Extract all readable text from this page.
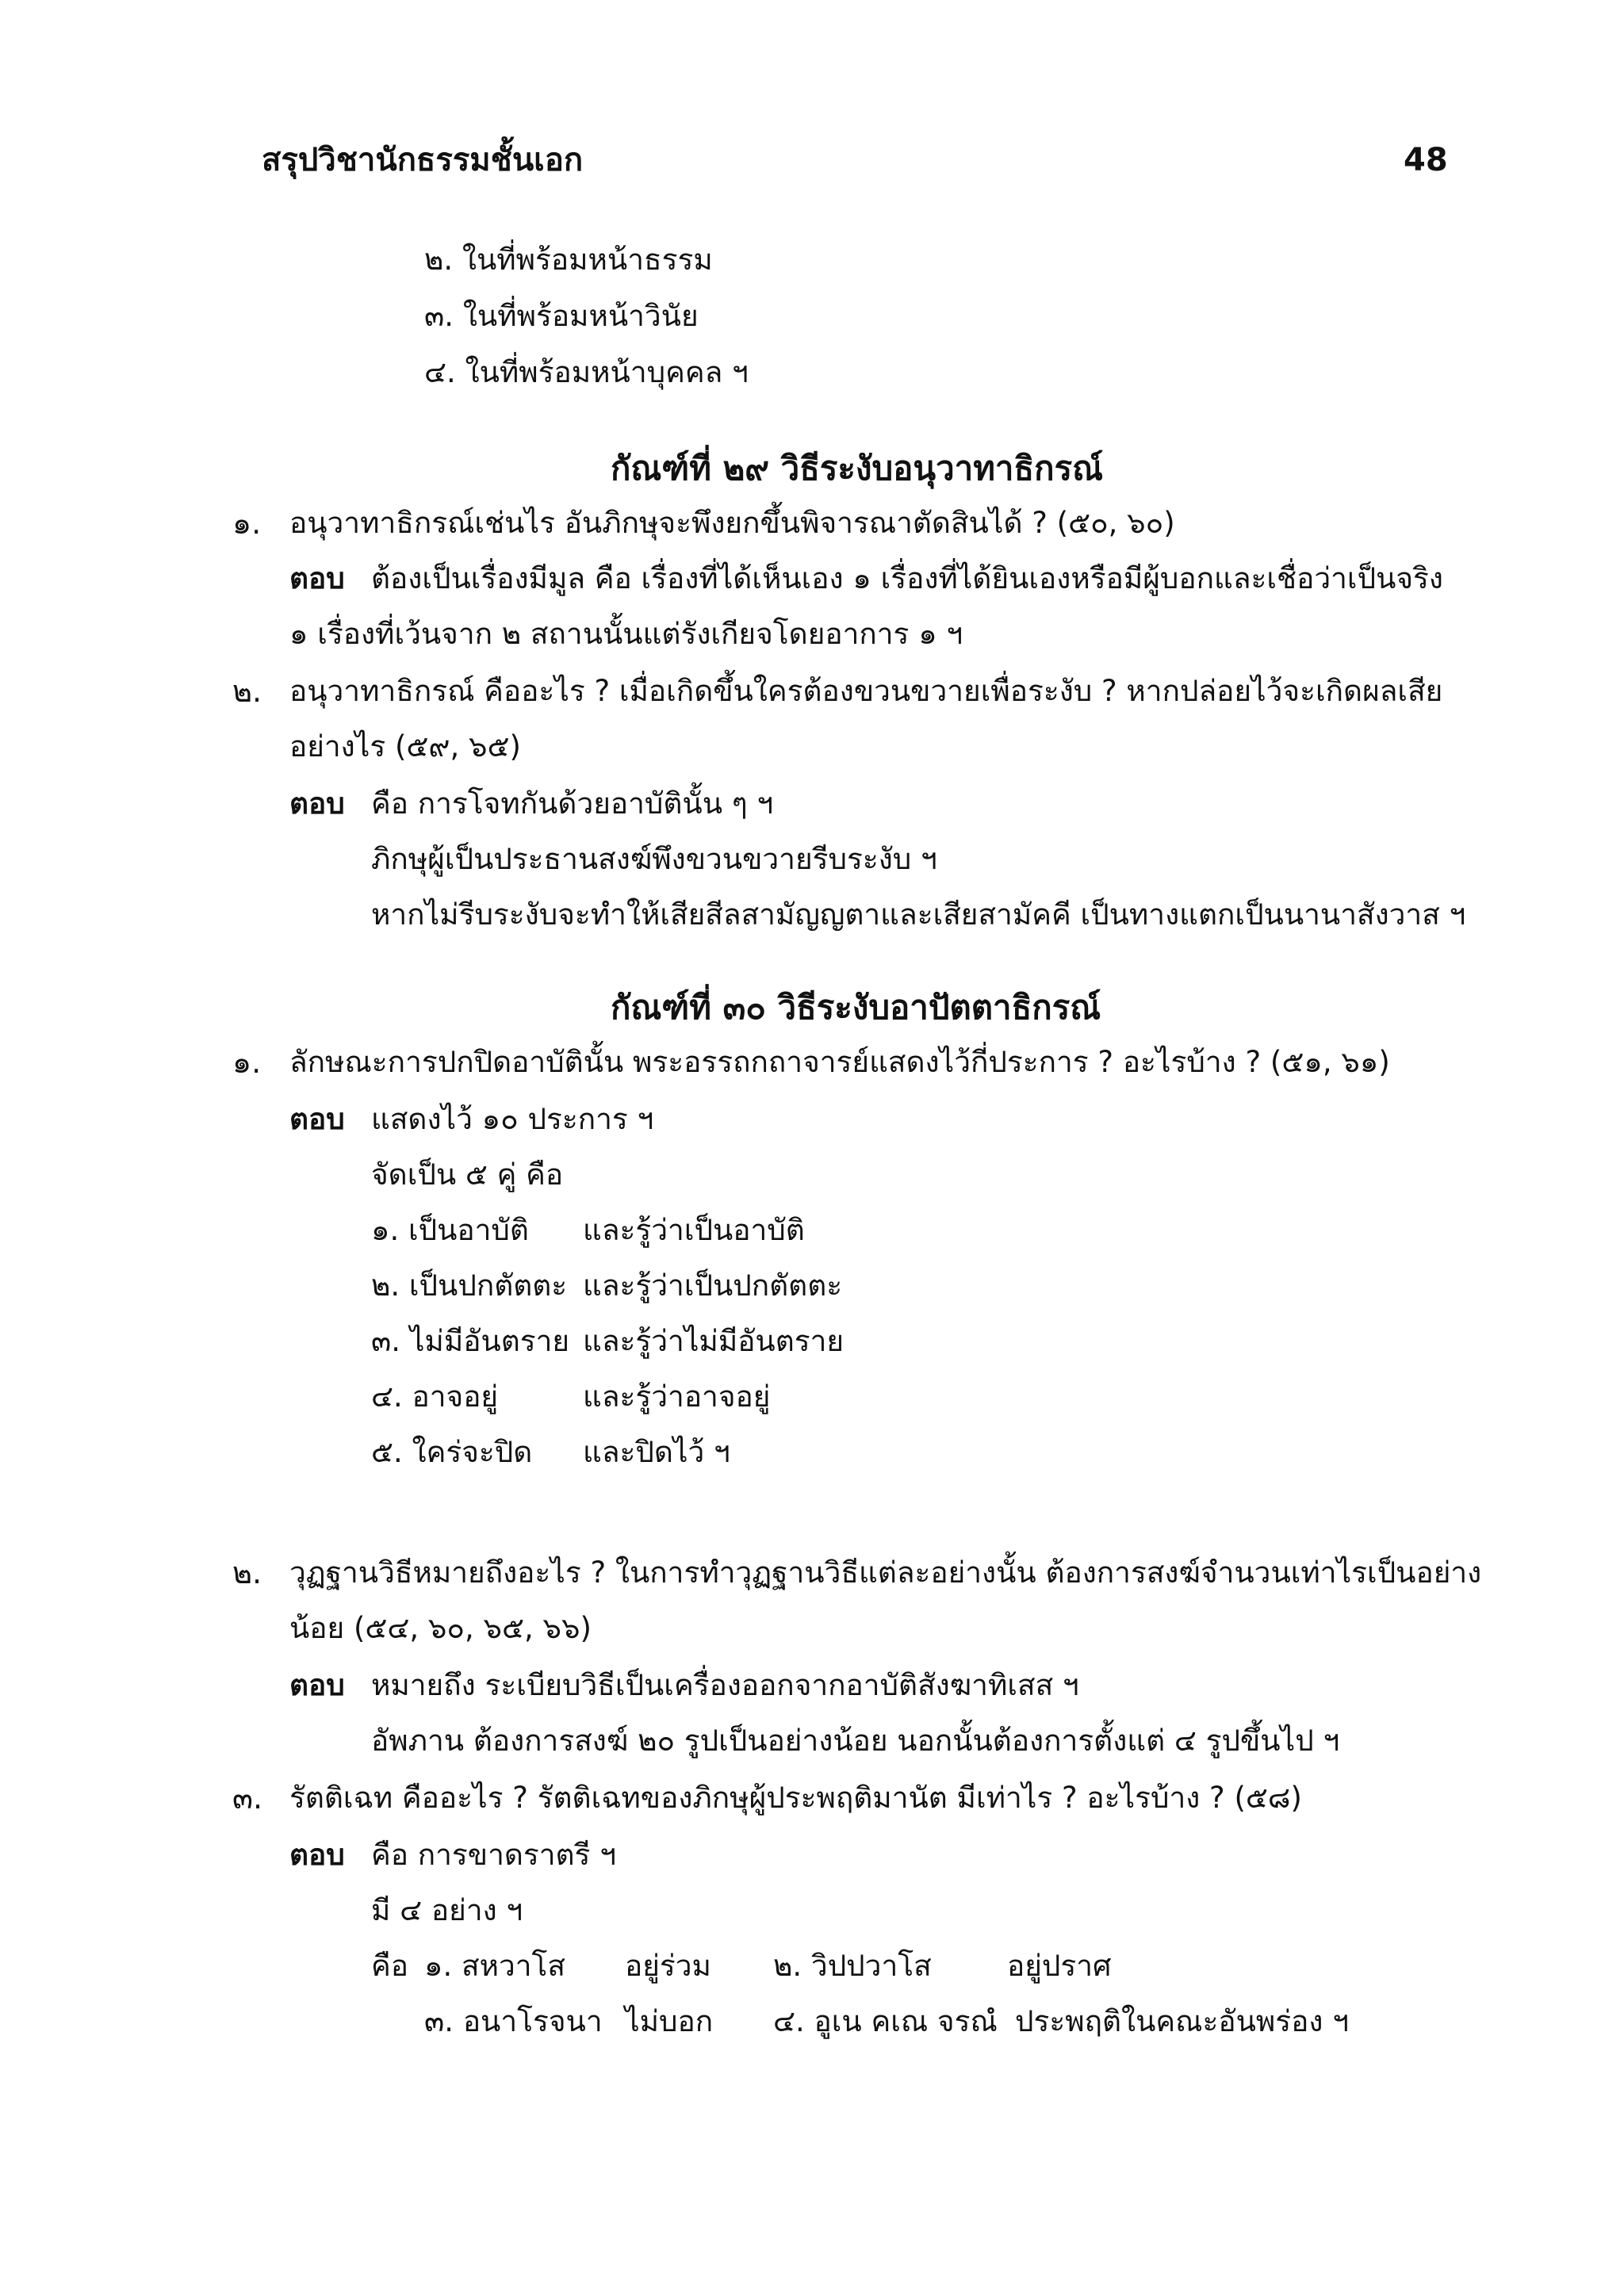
สรุปวิชานักธรรมชั้นเอก	48
๒. ในที่พร้อมหน้าธรรม
๓. ในที่พร้อมหน้าวินัย
๔. ในที่พร้อมหน้าบุคคล ฯ
กัณฑ์ที่ ๒๙ วิธีระงับอนุวาทาธิกรณ์
๑. อนุวาทาธิกรณ์เช่นไร อันภิกษุจะพึงยกขึ้นพิจารณาตัดสินได้ ? (๕๐, ๖๐)
ตอบ ต้องเป็นเรื่องมีมูล คือ เรื่องที่ได้เห็นเอง ๑ เรื่องที่ได้ยินเองหรือมีผู้บอกและเชื่อว่าเป็นจริง
๑ เรื่องที่เว้นจาก ๒ สถานนั้นแต่รังเกียจโดยอาการ ๑ ฯ
๒. อนุวาทาธิกรณ์ คืออะไร ? เมื่อเกิดขึ้นใครต้องขวนขวายเพื่อระงับ ? หากปล่อยไว้จะเกิดผลเสีย
อย่างไร (๕๙, ๖๕)
ตอบ คือ การโจทกันด้วยอาบัตินั้น ๆ ฯ
ภิกษุผู้เป็นประธานสงฆ์พึงขวนขวายรีบระงับ ฯ
หากไม่รีบระงับจะทำให้เสียสีลสามัญญตาและเสียสามัคคี เป็นทางแตกเป็นนานาสังวาส ฯ
กัณฑ์ที่ ๓๐ วิธีระงับอาปัตตาธิกรณ์
๑. ลักษณะการปกปิดอาบัตินั้น พระอรรถกถาจารย์แสดงไว้กี่ประการ ? อะไรบ้าง ? (๕๑, ๖๑)
ตอบ แสดงไว้ ๑๐ ประการ ฯ
จัดเป็น ๕ คู่ คือ
๑. เป็นอาบัติ และรู้ว่าเป็นอาบัติ
๒. เป็นปกตัตตะ และรู้ว่าเป็นปกตัตตะ
๓. ไม่มีอันตราย และรู้ว่าไม่มีอันตราย
๔. อาจอยู่	และรู้ว่าอาจอยู่
๕. ใคร่จะปิด และปิดไว้ ฯ
๒. วุฏฐานวิธีหมายถึงอะไร ? ในการทำวุฏฐานวิธีแต่ละอย่างนั้น ต้องการสงฆ์จำนวนเท่าไรเป็นอย่าง
น้อย (๕๔, ๖๐, ๖๕, ๖๖)
ตอบ หมายถึง ระเบียบวิธีเป็นเครื่องออกจากอาบัติสังฆาทิเสส ฯ
อัพภาน ต้องการสงฆ์ ๒๐ รูปเป็นอย่างน้อย นอกนั้นต้องการตั้งแต่ ๔ รูปขึ้นไป ฯ
๓. รัตติเฉท คืออะไร ? รัตติเฉทของภิกษุผู้ประพฤติมานัต มีเท่าไร ? อะไรบ้าง ? (๕๘)
ตอบ คือ การขาดราตรี ฯ
มี ๔ อย่าง ฯ
คือ ๑. สหวาโส อยู่ร่วม ๒. วิปปวาโส	อยู่ปราศ
๓. อนาโรจนา ไม่บอก ๔. อูเน คเณ จรณํ ประพฤติในคณะอันพร่อง ฯ
